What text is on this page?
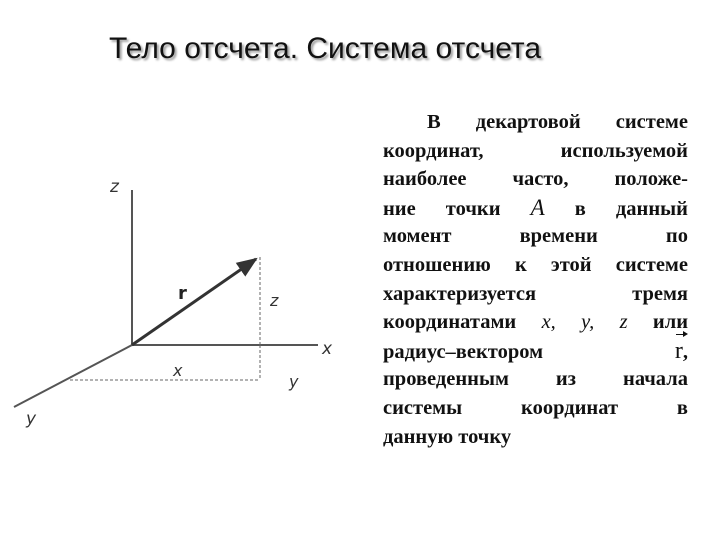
Тело отсчета. Система отсчета
z
x
y
r	z
x
y
В декартовой системе
координат, используемой
наиболее часто, положе-
ние точки A в данный
момент времени по
отношению к этой системе
характеризуется тремя
координатами x, y, z или
радиус–вектором	r,
проведенным из начала
системы координат в
данную точку
